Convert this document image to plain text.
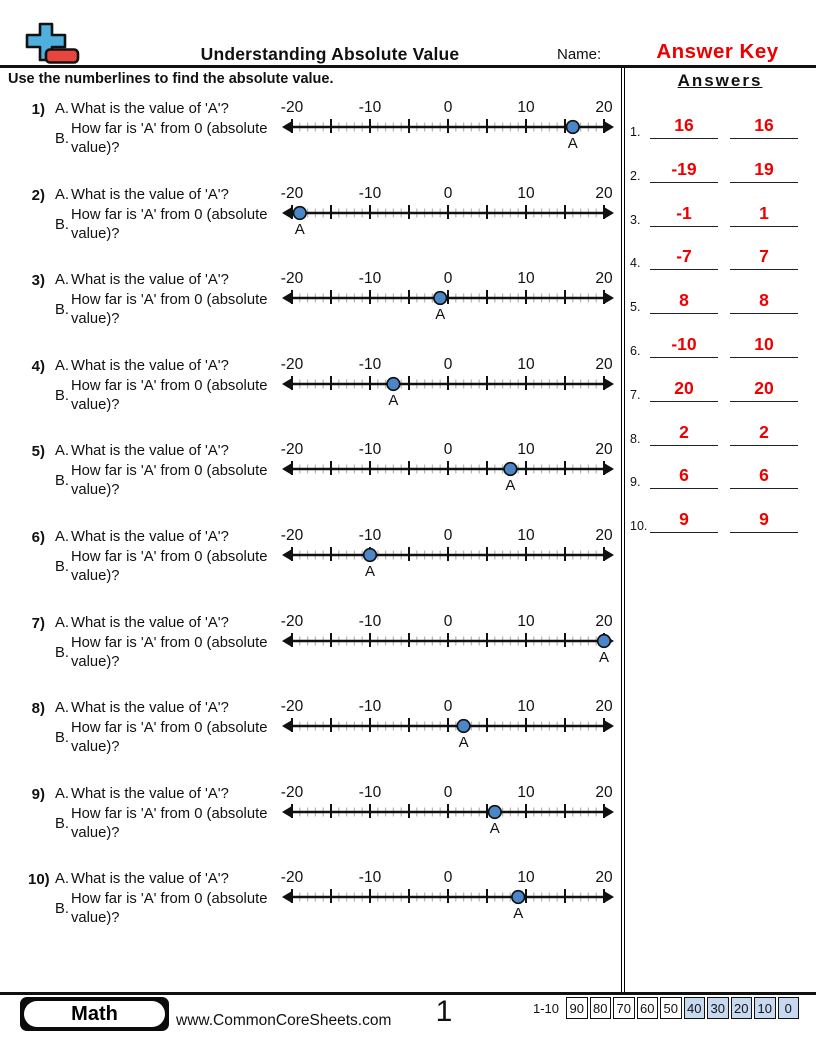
Understanding Absolute Value	Name:	Answer Key
Use the numberlines to find the absolute value.	Answers
1.	16	16
2.	-19	19
3.	-1	1
4.	-7	7
5.	8	8
6.	-10	10
7.	20	20
8.	2	2
9.	6	6
10. 9	9
1) A. What is the value of 'A'?
B.
How far is 'A' from 0 (absolute value)?
-20	-10	0	10	20
A
2) A. What is the value of 'A'?
B.
How far is 'A' from 0 (absolute value)?
-20	-10	0	10	20
A
3) A. What is the value of 'A'?
B.
How far is 'A' from 0 (absolute value)?
-20	-10	0	10	20
A
4) A. What is the value of 'A'?
B.
How far is 'A' from 0 (absolute value)?
-20	-10	0	10	20
A
5) A. What is the value of 'A'?
B.
How far is 'A' from 0 (absolute value)?
-20	-10	0	10	20
A
6) A. What is the value of 'A'?
B.
How far is 'A' from 0 (absolute value)?
-20	-10	0	10	20
A
7) A. What is the value of 'A'?
B.
How far is 'A' from 0 (absolute value)?
-20	-10	0	10	20
A
8) A. What is the value of 'A'?
B.
How far is 'A' from 0 (absolute value)?
-20	-10	0	10	20
A
9) A. What is the value of 'A'?
B.
How far is 'A' from 0 (absolute value)?
-20	-10	0	10	20
A
10) A. What is the value of 'A'?
B.
How far is 'A' from 0 (absolute value)?
-20	-10	0	10	20
A
Math	www.CommonCoreSheets.com	1	1-10 90 80 70 60 50 40 30 20 10 0
